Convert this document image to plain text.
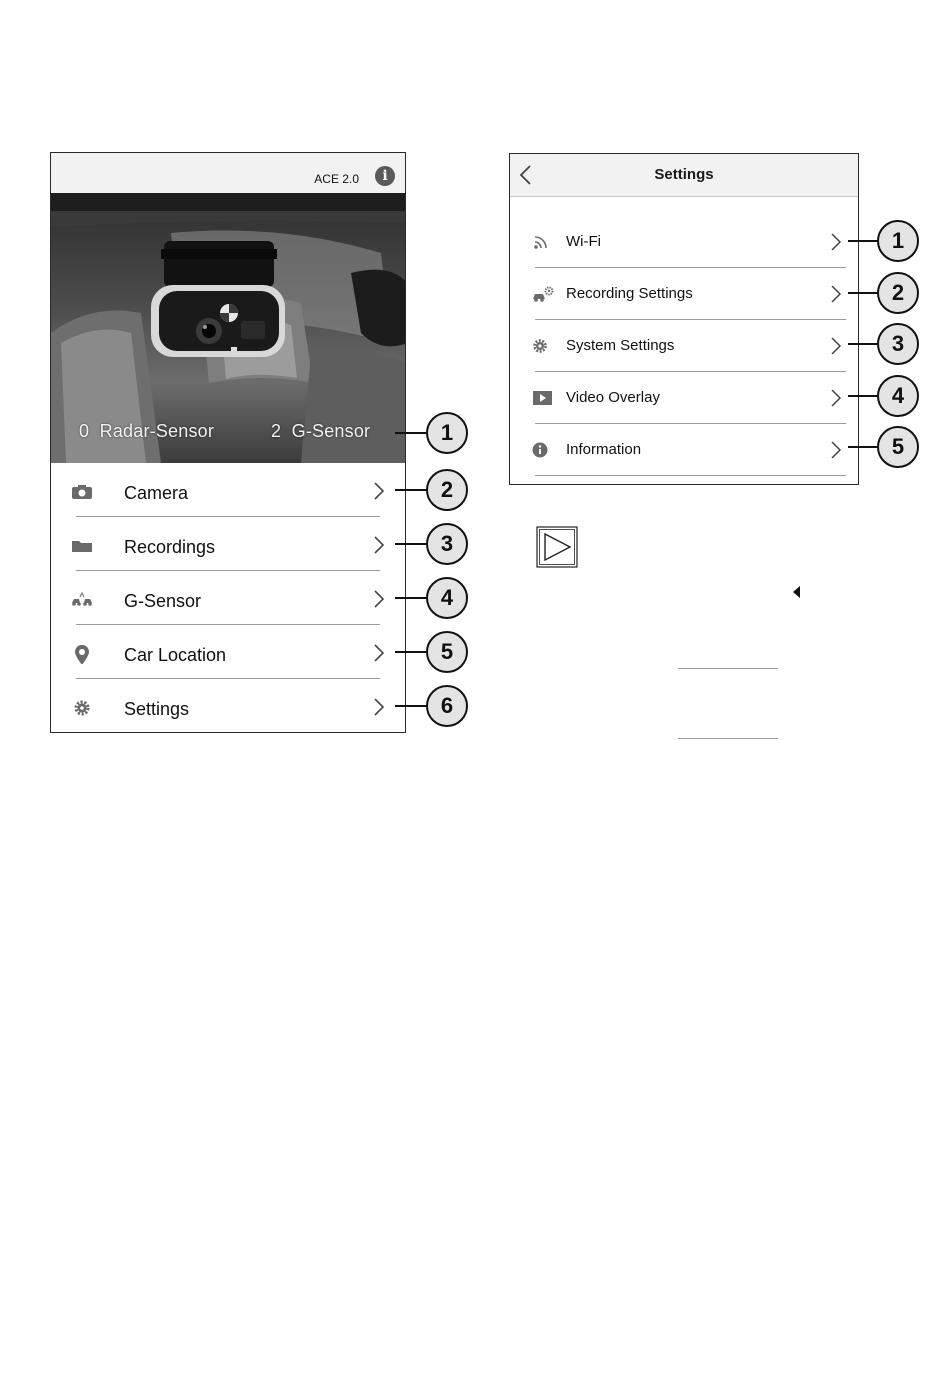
ACE 2.0	i
0 Radar-Sensor	2 G-Sensor
Camera
Recordings
G-Sensor
Car Location
Settings
1
2
3
4
5
6
Settings
Wi-Fi
Recording Settings
System Settings
Video Overlay
Information
1
2
3
4
5
